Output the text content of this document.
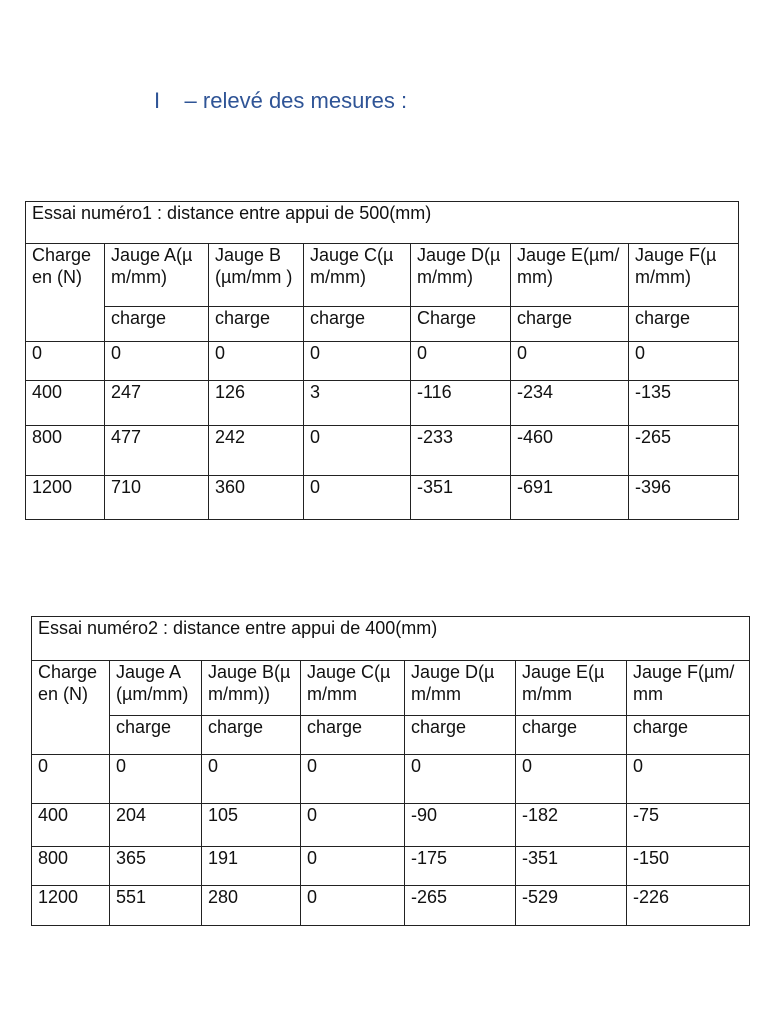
I    – relevé des mesures :
Essai numéro1 : distance entre appui de 500(mm)						
Charge en (N)	Jauge A(µm/mm)	Jauge B(µm/mm )	Jauge C(µm/mm)	Jauge D(µm/mm)	Jauge E(µm/mm)	Jauge F(µ m/mm)
	charge	charge	charge	Charge	charge	charge
0	0	0	0	0	0	0
400	247	126	3	-116	-234	-135
800	477	242	0	-233	-460	-265
1200	710	360	0	-351	-691	-396
Essai numéro2 : distance entre appui de 400(mm)						
Charge en (N)	Jauge A(µm/mm)	Jauge B(µm/mm))	Jauge C(µm/mm	Jauge D(µm/mm	Jauge E(µm/mm	Jauge F(µm/mm
	charge	charge	charge	charge	charge	charge
0	0	0	0	0	0	0
400	204	105	0	-90	-182	-75
800	365	191	0	-175	-351	-150
1200	551	280	0	-265	-529	-226
